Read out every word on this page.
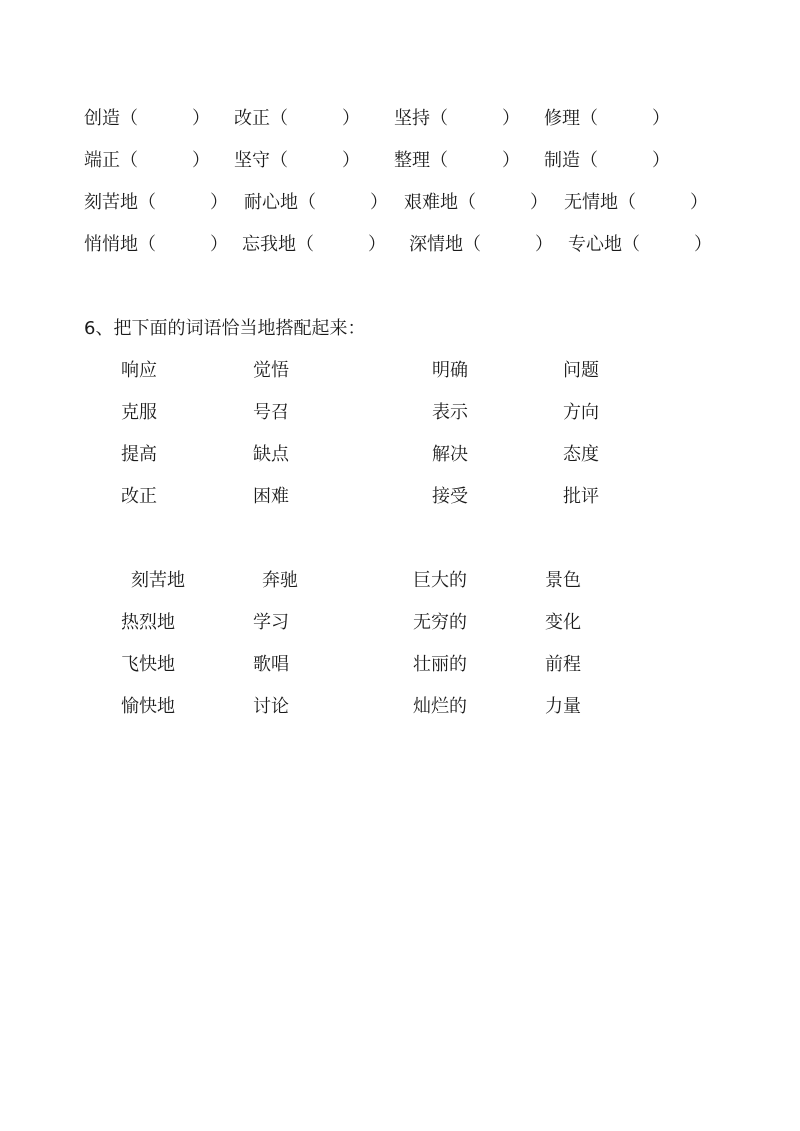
创造（　　　） 改正（　　　） 坚持（　　　） 修理（　　　）
端正（　　　） 坚守（　　　） 整理（　　　） 制造（　　　）
刻苦地（　　　） 耐心地（　　　） 艰难地（　　　） 无情地（　　　）
悄悄地（　　　） 忘我地（　　　） 深情地（　　　） 专心地（　　　）
6、把下面的词语恰当地搭配起来：
响应	觉悟	明确	问题
克服	号召	表示	方向
提高	缺点	解决	态度
改正	困难	接受	批评
刻苦地	奔驰	巨大的	景色
热烈地	学习	无穷的	变化
飞快地	歌唱	壮丽的	前程
愉快地	讨论	灿烂的	力量
